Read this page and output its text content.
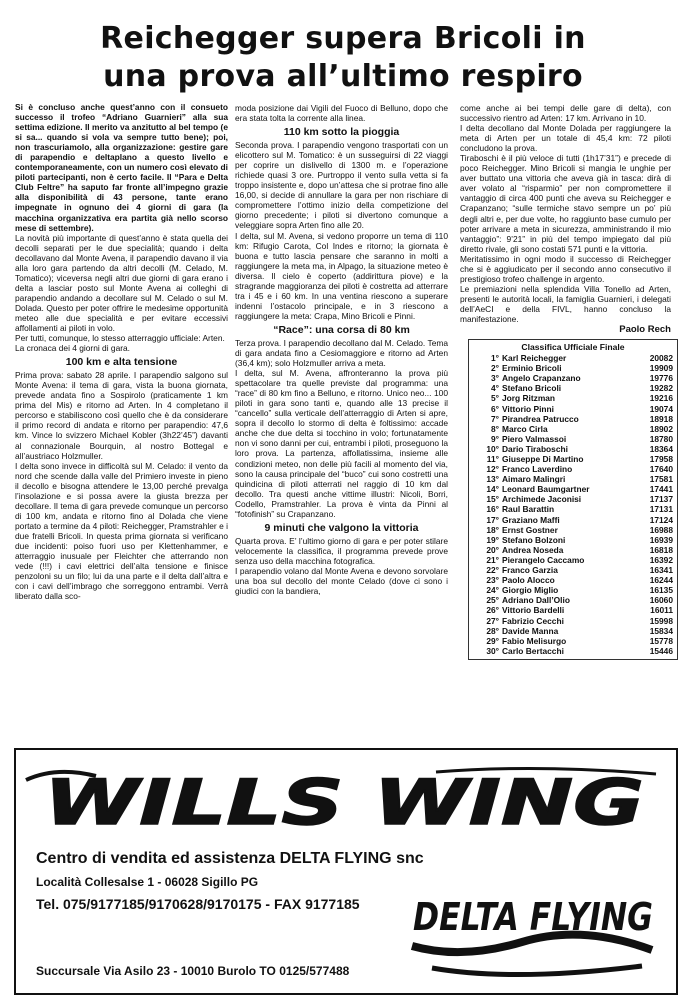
Reichegger supera Bricoli in
una prova all’ultimo respiro

Si è concluso anche quest’anno con il consueto successo il trofeo “Adriano Guarnieri” alla sua settima edizione. Il merito va anzitutto al bel tempo (e si sa... quando si vola va sempre tutto bene); poi, non trascuriamolo, alla organizzazione: gestire gare di parapendio e deltaplano a questo livello e contemporaneamente, con un numero così elevato di piloti partecipanti, non è certo facile. Il “Para e Delta Club Feltre” ha saputo far fronte all’impegno grazie alla disponibilità di 43 persone, tante erano impegnate in ognuno dei 4 giorni di gara (la macchina organizzativa era partita già nello scorso mese di settembre).

La novità più importante di quest’anno è stata quella dei decolli separati per le due specialità; quando i delta decollavano dal Monte Avena, il parapendio davano il via alla loro gara partendo da altri decolli (M. Celado, M. Tomatico); viceversa negli altri due giorni di gara erano i delta a lasciar posto sul Monte Avena ai colleghi di parapendio andando a decollare sul M. Celado o sul M. Dolada. Questo per poter offrire le medesime opportunità meteo alle due specialità e per evitare eccessivi affollamenti ai piloti in volo.

Per tutti, comunque, lo stesso atterraggio ufficiale: Arten.

La cronaca dei 4 giorni di gara.

100 km e alta tensione

Prima prova: sabato 28 aprile. I parapendio salgono sul Monte Avena: il tema di gara, vista la buona giornata, prevede andata fino a Sospirolo (praticamente 1 km prima del Mis) e ritorno ad Arten. In 4 completano il percorso e stabiliscono così quello che è da considerare il primo record di andata e ritorno per parapendio: 47,6 km. Vince lo svizzero Michael Kobler (3h22’45”) davanti al connazionale Bourquin, al nostro Bottegal e all’austriaco Holzmuller.

I delta sono invece in difficoltà sul M. Celado: il vento da nord che scende dalla valle del Primiero investe in pieno il decollo e bisogna attendere le 13,00 perché prevalga l’insolazione e si possa avere la giusta brezza per decollare. Il tema di gara prevede comunque un percorso di 100 km, andata e ritorno fino al Dolada che viene portato a termine da 4 piloti: Reichegger, Pramstrahler e i due fratelli Bricoli. In questa prima giornata si verificano due incidenti: poiso fuori uso per Klettenhammer, e atterraggio inusuale per Fleichter che atterrando non vede (!!!) i cavi elettrici dell’alta tensione e finisce penzoloni su un filo; lui da una parte e il delta dall’altra e con i cavi dell’imbrago che sorreggono entrambi. Verrà liberato dalla sco-

moda posizione dai Vigili del Fuoco di Belluno, dopo che era stata tolta la corrente alla linea.

110 km sotto la pioggia

Seconda prova. I parapendio vengono trasportati con un elicottero sul M. Tomatico: è un susseguirsi di 22 viaggi per coprire un dislivello di 1300 m. e l’operazione richiede quasi 3 ore. Purtroppo il vento sulla vetta si fa troppo insistente e, dopo un’attesa che si protrae fino alle 16,00, si decide di annullare la gara per non rischiare di compromettere l’ottimo inizio della competizione del giorno precedente; i piloti si divertono comunque a veleggiare sopra Arten fino alle 20.

I delta, sul M. Avena, si vedono proporre un tema di 110 km: Rifugio Carota, Col Indes e ritorno; la giornata è buona e tutto lascia pensare che saranno in molti a raggiungere la meta ma, in Alpago, la situazione meteo è diversa. Il cielo è coperto (addirittura piove) e la stragrande maggioranza dei piloti è costretta ad atterrare tra i 45 e i 60 km. In una ventina riescono a superare indenni l’ostacolo principale, e in 3 riescono a raggiungere la meta: Crapa, Mino Bricoli e Pinni.

“Race”: una corsa di 80 km

Terza prova. I parapendio decollano dal M. Celado. Tema di gara andata fino a Cesiomaggiore e ritorno ad Arten (36,4 km); solo Holzmuller arriva a meta.

I delta, sul M. Avena, affronteranno la prova più spettacolare tra quelle previste dal programma: una “race” di 80 km fino a Belluno, e ritorno. Unico neo... 100 piloti in gara sono tanti e, quando alle 13 precise il “cancello” sulla verticale dell’atterraggio di Arten si apre, sopra il decollo lo stormo di delta è foltissimo: accade anche che due delta si tocchino in volo; fortunatamente non vi sono danni per cui, entrambi i piloti, proseguono la loro prova. La partenza, affollatissima, insieme alle condizioni meteo, non delle più facili al momento del via, sono la causa principale del “buco” cui sono costretti una quindicina di piloti atterrati nel raggio di 10 km dal decollo. Tra questi anche vittime illustri: Nicoli, Borri, Codello, Pramstrahler. La prova è vinta da Pinni al “fotofinish” su Crapanzano.

9 minuti che valgono la vittoria

Quarta prova. E’ l’ultimo giorno di gara e per poter stilare velocemente la classifica, il programma prevede prove senza uso della macchina fotografica.

I parapendio volano dal Monte Avena e devono sorvolare una boa sul decollo del monte Celado (dove ci sono i giudici con la bandiera,

come anche ai bei tempi delle gare di delta), con successivo rientro ad Arten: 17 km. Arrivano in 10.

I delta decollano dal Monte Dolada per raggiungere la meta di Arten per un totale di 45,4 km: 72 piloti concludono la prova.

Tiraboschi è il più veloce di tutti (1h17’31”) e precede di poco Reichegger. Mino Bricoli si mangia le unghie per aver buttato una vittoria che aveva già in tasca: dirà di aver volato al “risparmio” per non compromettere il vantaggio di circa 400 punti che aveva su Reichegger e Crapanzano; “sulle termiche stavo sempre un po’ più degli altri e, per due volte, ho raggiunto base cumulo per poter arrivare a meta in sicurezza, amministrando il mio vantaggio”: 9’21” in più del tempo impiegato dal più diretto rivale, gli sono costati 571 punti e la vittoria.

Meritatissimo in ogni modo il successo di Reichegger che si è aggiudicato per il secondo anno consecutivo il prestigioso trofeo challenge in argento.

Le premiazioni nella splendida Villa Tonello ad Arten, presenti le autorità locali, la famiglia Guarnieri, i delegati dell’AeCI e della FIVL, hanno concluso la manifestazione.

Paolo Rech
Classifica Ufficiale Finale
1° Karl Reichegger	20082
2° Erminio Bricoli	19909
3° Angelo Crapanzano	19776
4° Stefano Bricoli	19282
5° Jorg Ritzman	19216
6° Vittorio Pinni	19074
7° Pirandrea Patrucco	18918
8° Marco Cirla	18902
9° Piero Valmassoi	18780
10° Dario Tiraboschi	18364
11° Giuseppe Di Martino	17958
12° Franco Laverdino	17640
13° Aimaro Malingri	17581
14° Leonard Baumgartner	17441
15° Archimede Jaconisi	17137
16° Raul Barattin	17131
17° Graziano Maffi	17124
18° Ernst Gostner	16988
19° Stefano Bolzoni	16939
20° Andrea Noseda	16818
21° Pierangelo Caccamo	16392
22° Franco Garzia	16341
23° Paolo Alocco	16244
24° Giorgio Miglio	16135
25° Adriano Dall’Olio	16060
26° Vittorio Bardelli	16011
27° Fabrizio Cecchi	15998
28° Davide Manna	15834
29° Fabio Melisurgo	15778
30° Carlo Bertacchi	15446
WILLS WING
Centro di vendita ed assistenza DELTA FLYING snc
Località Collesalse 1 - 06028 Sigillo PG
Tel. 075/9177185/9170628/9170175 - FAX 9177185
Succursale Via Asilo 23 - 10010 Burolo TO 0125/577488
DELTA FLYING
